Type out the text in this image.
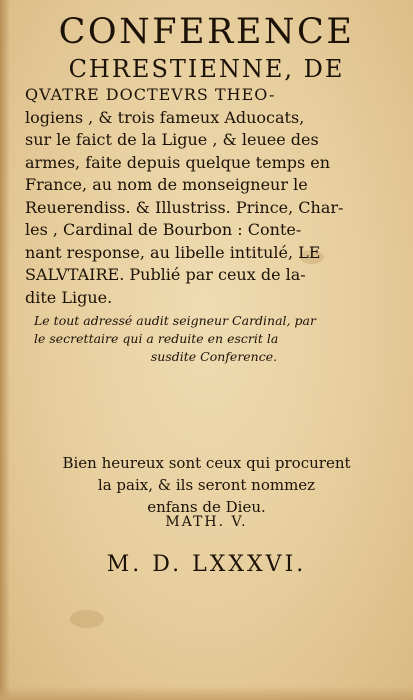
CONFERENCE
CHRESTIENNE, DE
QVATRE DOCTEVRS THEO-
logiens , & trois fameux Aduocats,
sur le faict de la Ligue , & leuee des
armes, faite depuis quelque temps en
France, au nom de monseigneur le
Reuerendiss. & Illustriss. Prince, Char-
les , Cardinal de Bourbon : Conte-
nant response, au libelle intitulé, LE
SALVTAIRE. Publié par ceux de la-
dite Ligue.
Le tout adressé audit seigneur Cardinal, par
le secrettaire qui a reduite en escrit la
susdite Conference.
Bien heureux sont ceux qui procurent
la paix, & ils seront nommez
enfans de Dieu.
MATH. V.
M. D. LXXXVI.
